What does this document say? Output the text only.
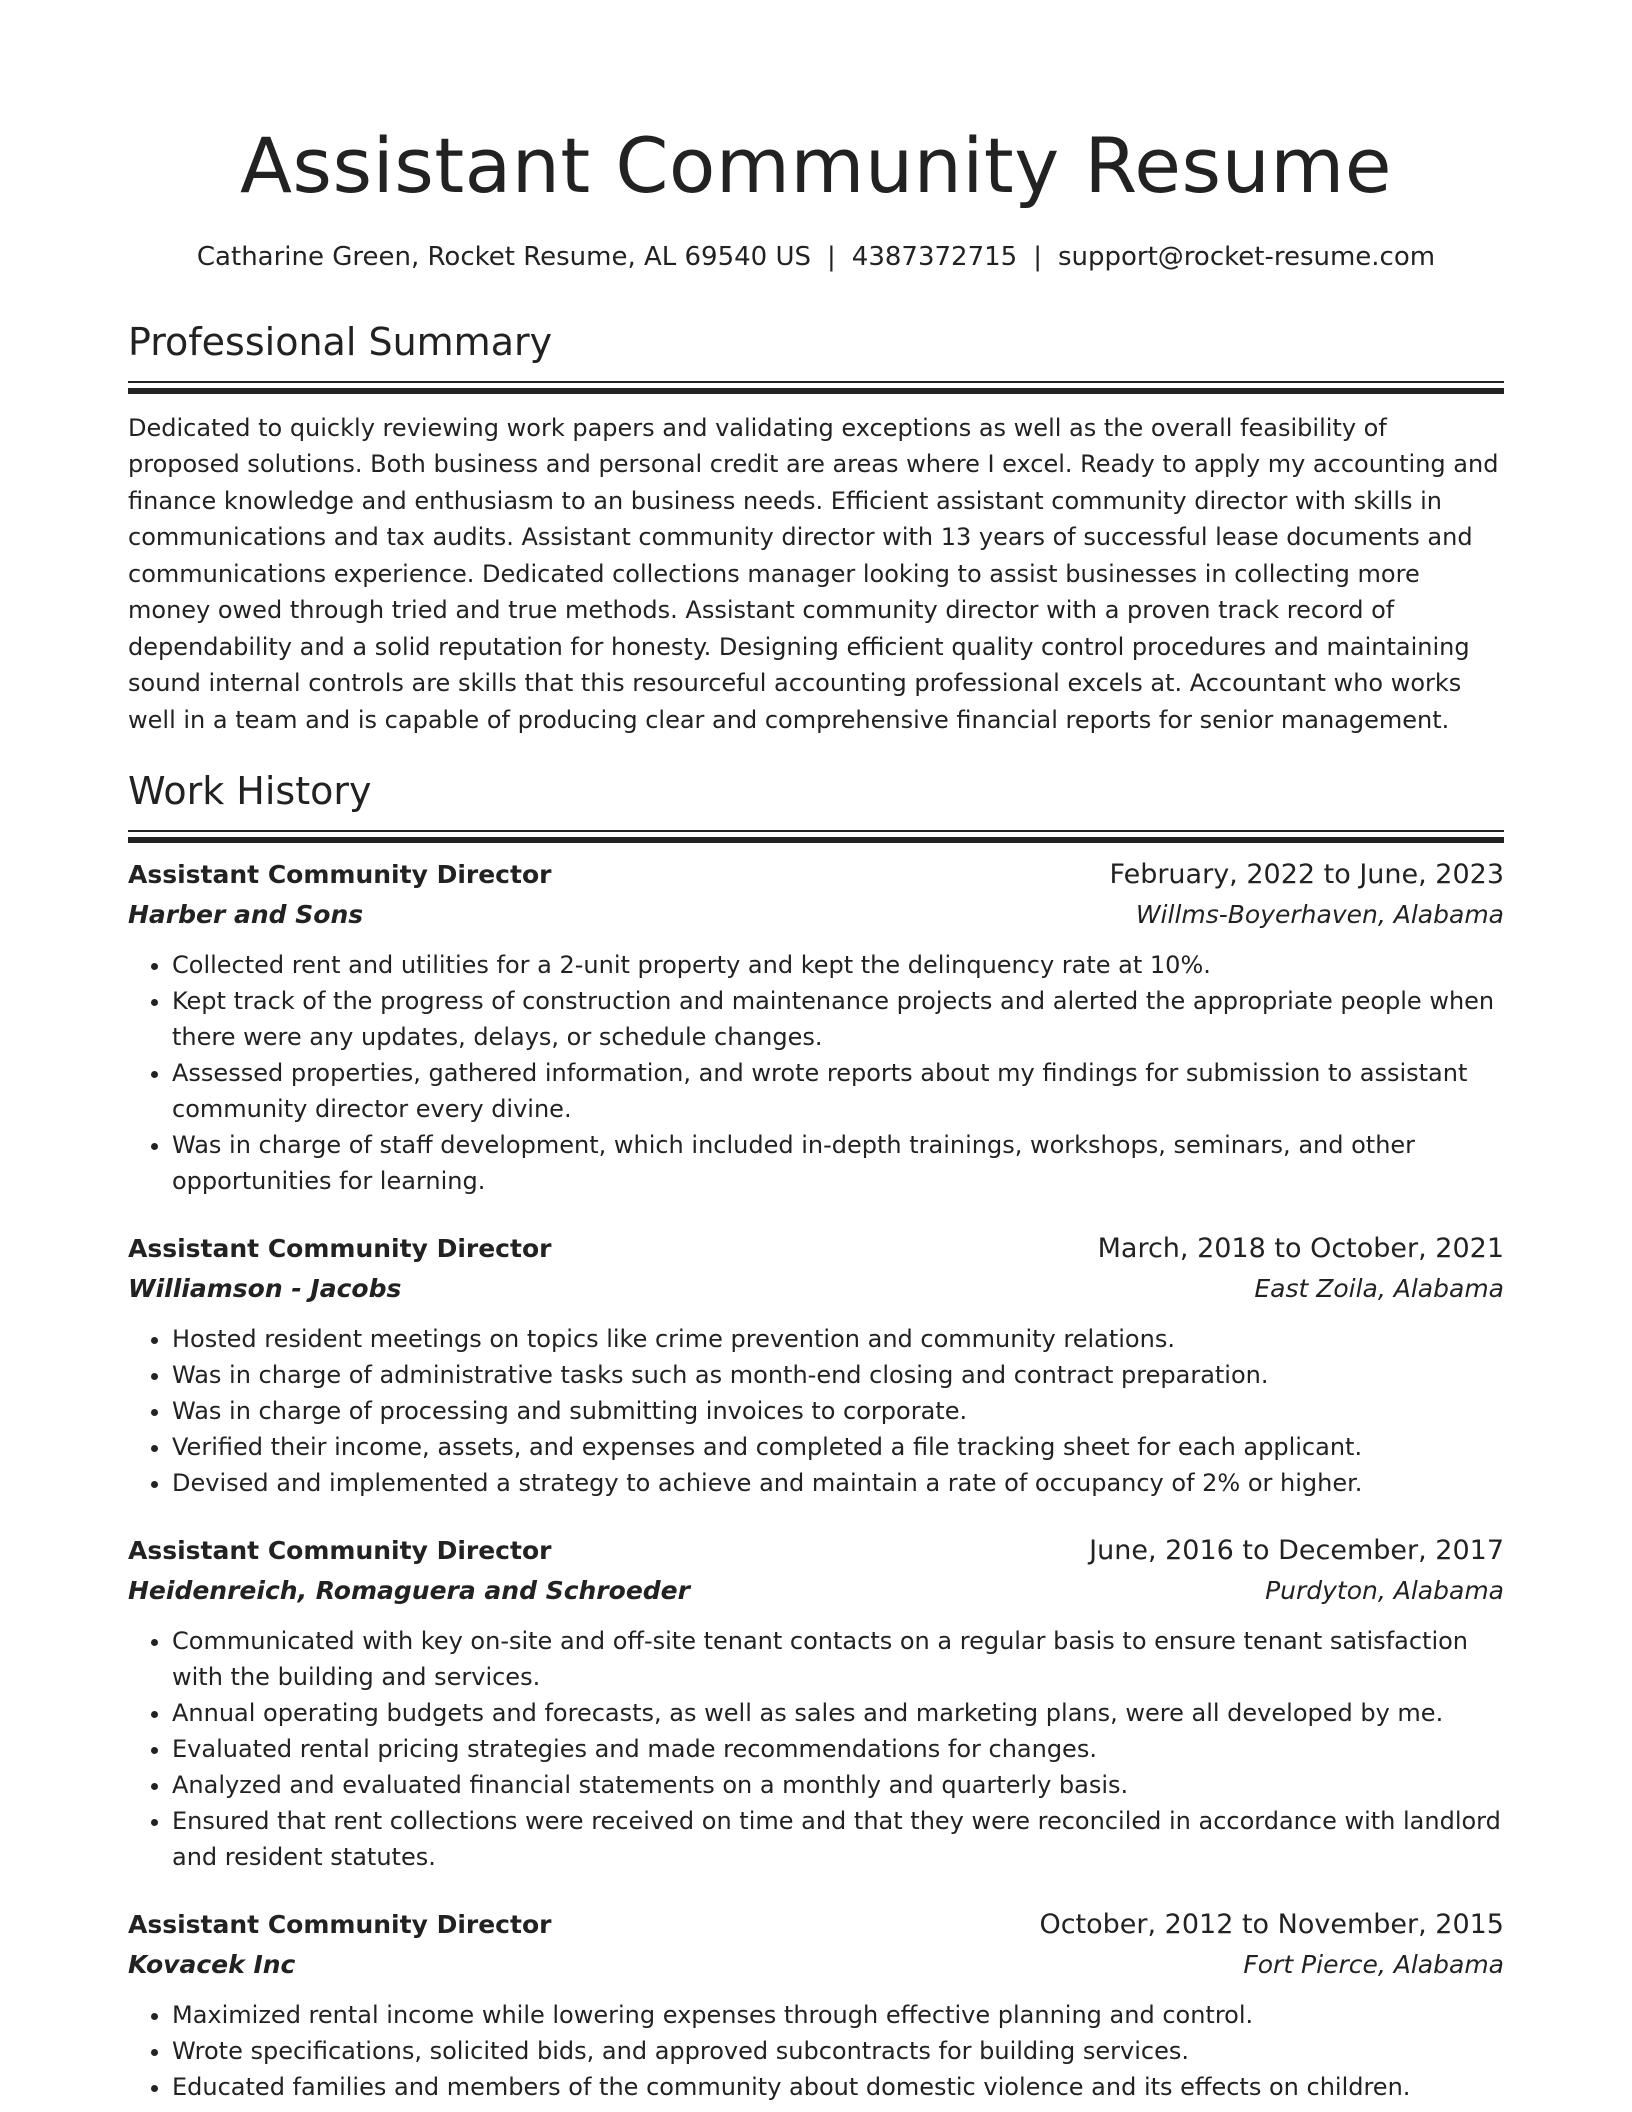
Assistant Community Resume
Catharine Green, Rocket Resume, AL 69540 US | 4387372715 | support@rocket-resume.com
Professional Summary

Dedicated to quickly reviewing work papers and validating exceptions as well as the overall feasibility of proposed solutions. Both business and personal credit are areas where I excel. Ready to apply my accounting and finance knowledge and enthusiasm to an business needs. Efficient assistant community director with skills in communications and tax audits. Assistant community director with 13 years of successful lease documents and communications experience. Dedicated collections manager looking to assist businesses in collecting more money owed through tried and true methods. Assistant community director with a proven track record of dependability and a solid reputation for honesty. Designing efficient quality control procedures and maintaining sound internal controls are skills that this resourceful accounting professional excels at. Accountant who works well in a team and is capable of producing clear and comprehensive financial reports for senior management.

Work History
Assistant Community Director	February, 2022 to June, 2023
Harber and Sons	Willms-Boyerhaven, Alabama
• Collected rent and utilities for a 2-unit property and kept the delinquency rate at 10%.
• Kept track of the progress of construction and maintenance projects and alerted the appropriate people when there were any updates, delays, or schedule changes.
• Assessed properties, gathered information, and wrote reports about my findings for submission to assistant community director every divine.
• Was in charge of staff development, which included in-depth trainings, workshops, seminars, and other opportunities for learning.
Assistant Community Director	March, 2018 to October, 2021
Williamson - Jacobs	East Zoila, Alabama
• Hosted resident meetings on topics like crime prevention and community relations.
• Was in charge of administrative tasks such as month-end closing and contract preparation.
• Was in charge of processing and submitting invoices to corporate.
• Verified their income, assets, and expenses and completed a file tracking sheet for each applicant.
• Devised and implemented a strategy to achieve and maintain a rate of occupancy of 2% or higher.
Assistant Community Director	June, 2016 to December, 2017
Heidenreich, Romaguera and Schroeder	Purdyton, Alabama
• Communicated with key on-site and off-site tenant contacts on a regular basis to ensure tenant satisfaction with the building and services.
• Annual operating budgets and forecasts, as well as sales and marketing plans, were all developed by me.
• Evaluated rental pricing strategies and made recommendations for changes.
• Analyzed and evaluated financial statements on a monthly and quarterly basis.
• Ensured that rent collections were received on time and that they were reconciled in accordance with landlord and resident statutes.
Assistant Community Director	October, 2012 to November, 2015
Kovacek Inc	Fort Pierce, Alabama
• Maximized rental income while lowering expenses through effective planning and control.
• Wrote specifications, solicited bids, and approved subcontracts for building services.
• Educated families and members of the community about domestic violence and its effects on children.
